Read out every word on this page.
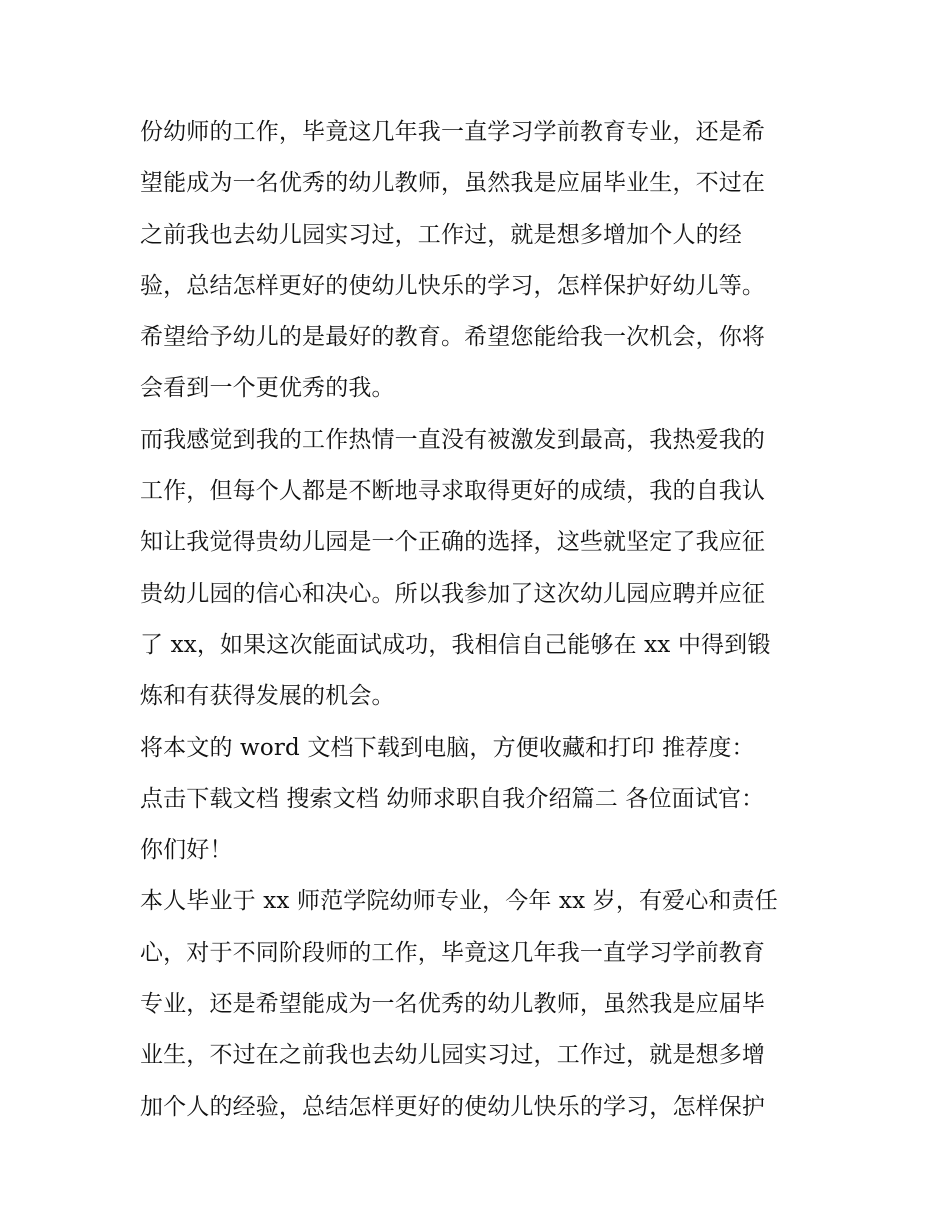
份幼师的工作，毕竟这几年我一直学习学前教育专业，还是希
望能成为一名优秀的幼儿教师，虽然我是应届毕业生，不过在
之前我也去幼儿园实习过，工作过，就是想多增加个人的经
验，总结怎样更好的使幼儿快乐的学习，怎样保护好幼儿等。
希望给予幼儿的是最好的教育。希望您能给我一次机会，你将
会看到一个更优秀的我。
而我感觉到我的工作热情一直没有被激发到最高，我热爱我的
工作，但每个人都是不断地寻求取得更好的成绩，我的自我认
知让我觉得贵幼儿园是一个正确的选择，这些就坚定了我应征
贵幼儿园的信心和决心。所以我参加了这次幼儿园应聘并应征
了 xx，如果这次能面试成功，我相信自己能够在 xx 中得到锻
炼和有获得发展的机会。
将本文的 word 文档下载到电脑，方便收藏和打印 推荐度：
点击下载文档 搜索文档 幼师求职自我介绍篇二 各位面试官：
你们好！
本人毕业于 xx 师范学院幼师专业，今年 xx 岁，有爱心和责任
心，对于不同阶段师的工作，毕竟这几年我一直学习学前教育
专业，还是希望能成为一名优秀的幼儿教师，虽然我是应届毕
业生，不过在之前我也去幼儿园实习过，工作过，就是想多增
加个人的经验，总结怎样更好的使幼儿快乐的学习，怎样保护
